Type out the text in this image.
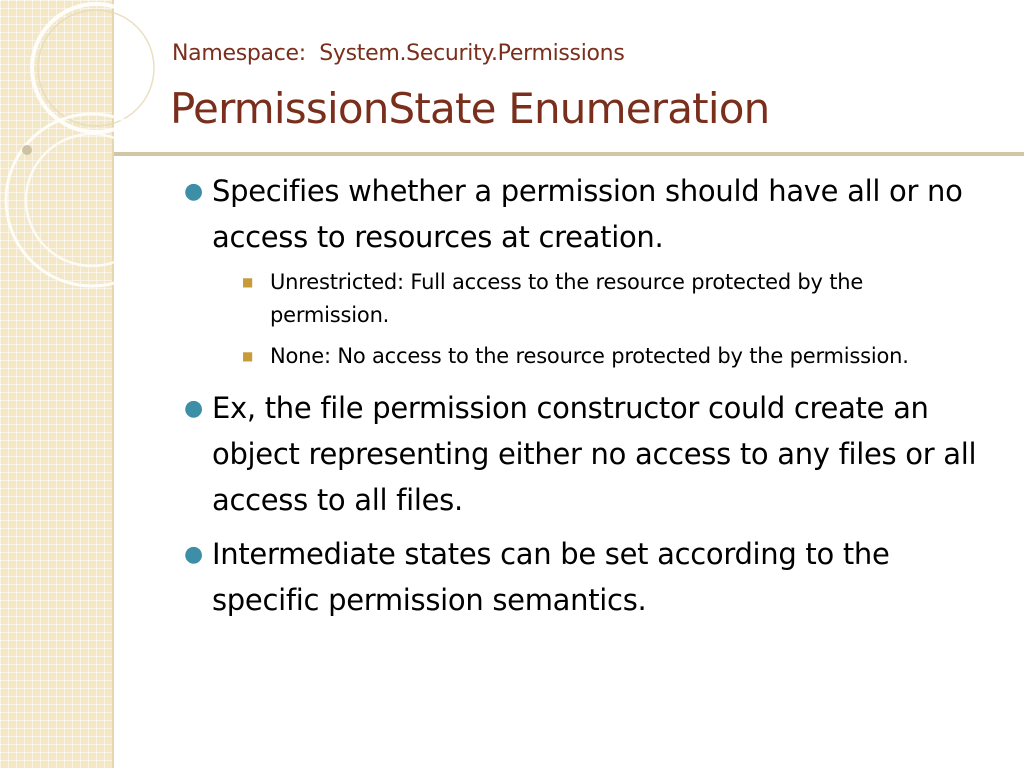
Namespace:  System.Security.Permissions

PermissionState Enumeration

● Specifies whether a permission should have all or no access to resources at creation.

■ Unrestricted: Full access to the resource protected by the permission.

■ None: No access to the resource protected by the permission.

● Ex, the file permission constructor could create an object representing either no access to any files or all access to all files.

● Intermediate states can be set according to the specific permission semantics.
